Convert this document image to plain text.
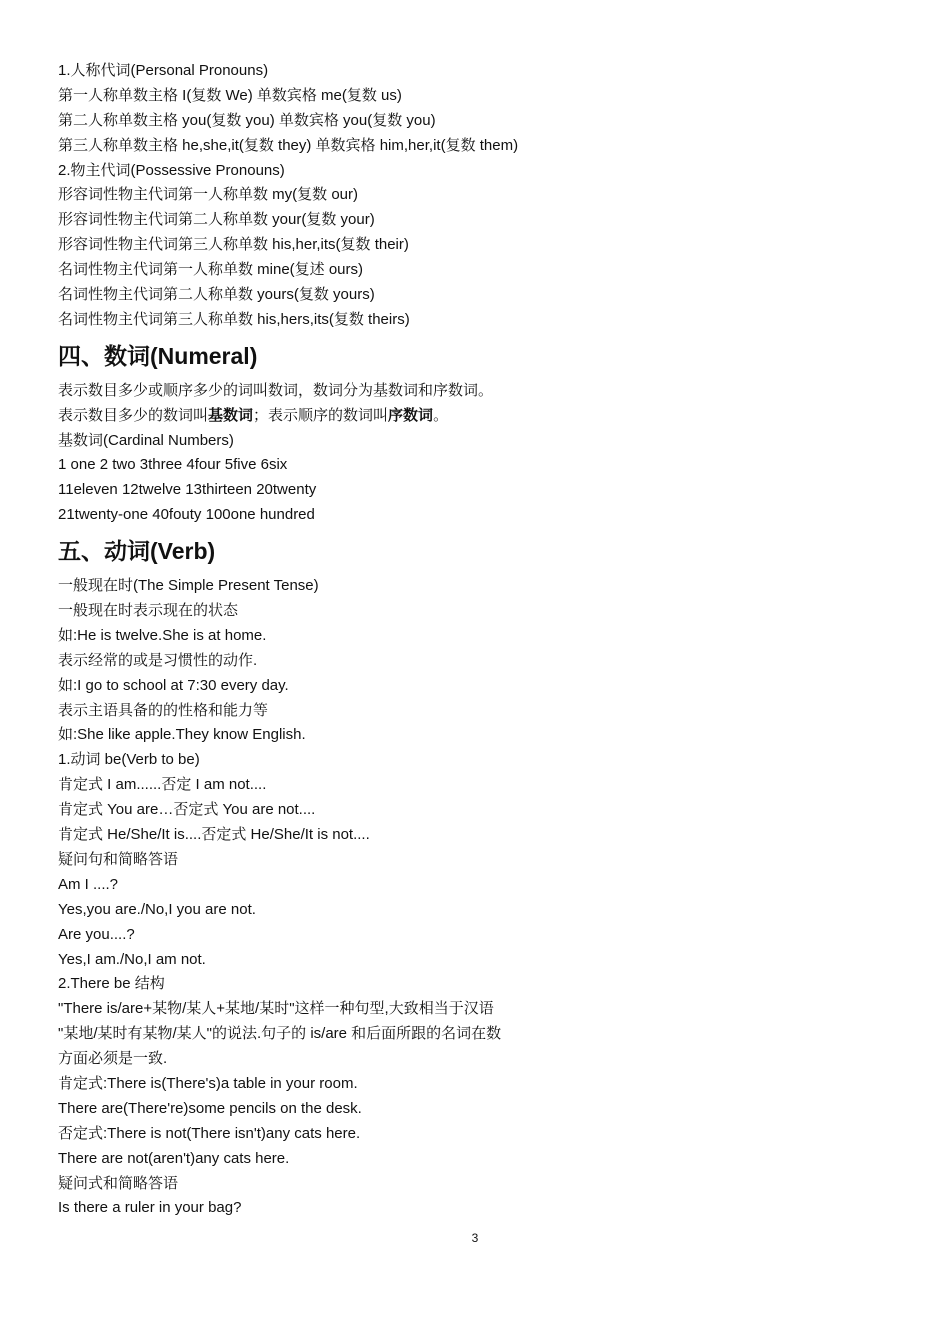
1.人称代词(Personal Pronouns)
第一人称单数主格 I(复数 We) 单数宾格 me(复数 us)
第二人称单数主格 you(复数 you) 单数宾格 you(复数 you)
第三人称单数主格 he,she,it(复数 they) 单数宾格 him,her,it(复数 them)
2.物主代词(Possessive Pronouns)
形容词性物主代词第一人称单数 my(复数 our)
形容词性物主代词第二人称单数 your(复数 your)
形容词性物主代词第三人称单数 his,her,its(复数 their)
名词性物主代词第一人称单数 mine(复述 ours)
名词性物主代词第二人称单数 yours(复数 yours)
名词性物主代词第三人称单数 his,hers,its(复数 theirs)
四、数词(Numeral)
表示数目多少或顺序多少的词叫数词，数词分为基数词和序数词。
表示数目多少的数词叫基数词；表示顺序的数词叫序数词。
基数词(Cardinal Numbers)
1 one 2 two 3three 4four 5five 6six
11eleven 12twelve 13thirteen 20twenty
21twenty-one 40fouty 100one hundred
五、动词(Verb)
一般现在时(The Simple Present Tense)
一般现在时表示现在的状态
如:He is twelve.She is at home.
表示经常的或是习惯性的动作.
如:I go to school at 7:30 every day.
表示主语具备的的性格和能力等
如:She like apple.They know English.
1.动词 be(Verb to be)
肯定式 I am......否定 I am not....
肯定式 You are…否定式 You are not....
肯定式 He/She/It is....否定式 He/She/It is not....
疑问句和简略答语
Am I ....?
Yes,you are./No,I you are not.
Are you....?
Yes,I am./No,I am not.
2.There be 结构
"There is/are+某物/某人+某地/某时"这样一种句型,大致相当于汉语
"某地/某时有某物/某人"的说法.句子的 is/are 和后面所跟的名词在数
方面必须是一致.
肯定式:There is(There's)a table in your room.
There are(There're)some pencils on the desk.
否定式:There is not(There isn't)any cats here.
There are not(aren't)any cats here.
疑问式和简略答语
Is there a ruler in your bag?
3
